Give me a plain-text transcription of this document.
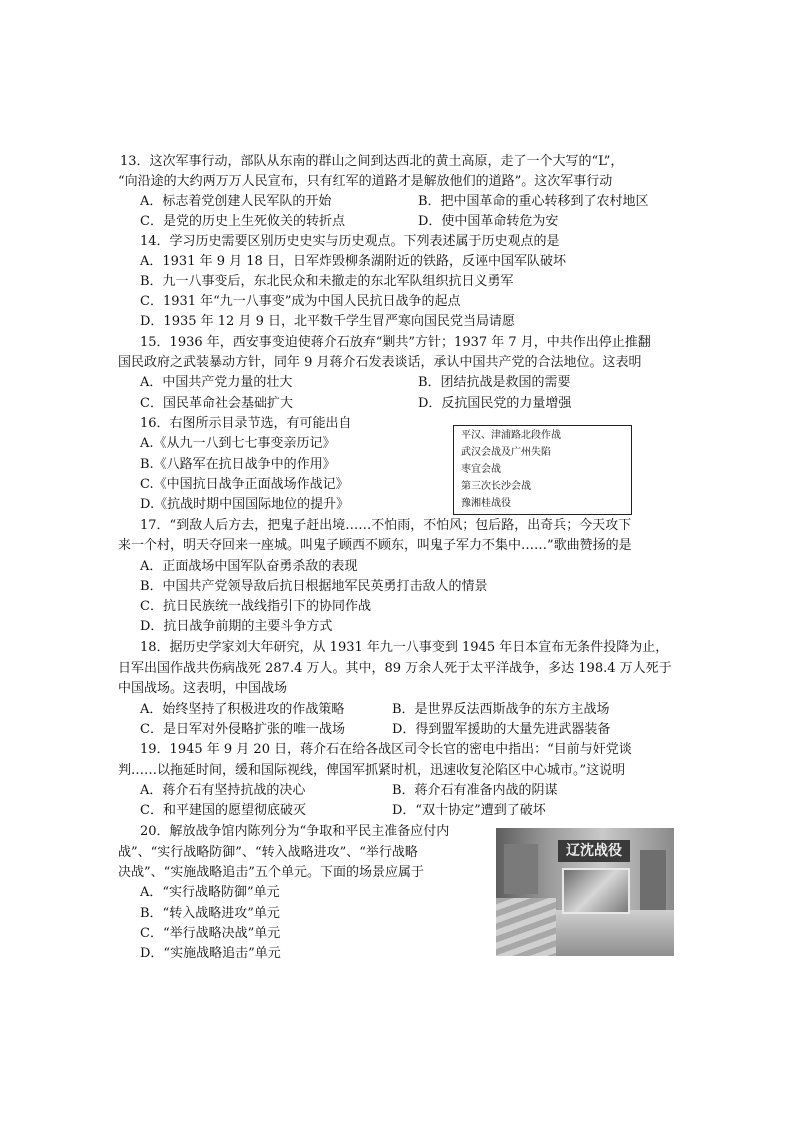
13．这次军事行动，部队从东南的群山之间到达西北的黄土高原，走了一个大写的“L”，
“向沿途的大约两万万人民宣布，只有红军的道路才是解放他们的道路”。这次军事行动
A．标志着党创建人民军队的开始	B．把中国革命的重心转移到了农村地区
C．是党的历史上生死攸关的转折点	D．使中国革命转危为安
14．学习历史需要区别历史史实与历史观点。下列表述属于历史观点的是
A．1931 年 9 月 18 日，日军炸毁柳条湖附近的铁路，反诬中国军队破坏
B．九一八事变后，东北民众和未撤走的东北军队组织抗日义勇军
C．1931 年“九一八事变”成为中国人民抗日战争的起点
D．1935 年 12 月 9 日，北平数千学生冒严寒向国民党当局请愿
15．1936 年，西安事变迫使蒋介石放弃“剿共”方针；1937 年 7 月，中共作出停止推翻
国民政府之武装暴动方针，同年 9 月蒋介石发表谈话，承认中国共产党的合法地位。这表明
A．中国共产党力量的壮大	B．团结抗战是救国的需要
C．国民革命社会基础扩大	D．反抗国民党的力量增强
16．右图所示目录节选，有可能出自
A.《从九一八到七七事变亲历记》
B.《八路军在抗日战争中的作用》
C.《中国抗日战争正面战场作战记》
D.《抗战时期中国国际地位的提升》
平汉、津浦路北段作战
武汉会战及广州失陷
枣宜会战
第三次长沙会战
豫湘桂战役
17．“到敌人后方去，把鬼子赶出境……不怕雨，不怕风；包后路，出奇兵；今天攻下
来一个村，明天夺回来一座城。叫鬼子顾西不顾东，叫鬼子军力不集中……”歌曲赞扬的是
A．正面战场中国军队奋勇杀敌的表现
B．中国共产党领导敌后抗日根据地军民英勇打击敌人的情景
C．抗日民族统一战线指引下的协同作战
D．抗日战争前期的主要斗争方式
18．据历史学家刘大年研究，从 1931 年九一八事变到 1945 年日本宣布无条件投降为止，
日军出国作战共伤病战死 287.4 万人。其中，89 万余人死于太平洋战争，多达 198.4 万人死于
中国战场。这表明，中国战场
A．始终坚持了积极进攻的作战策略	B．是世界反法西斯战争的东方主战场
C．是日军对外侵略扩张的唯一战场	D．得到盟军援助的大量先进武器装备
19．1945 年 9 月 20 日，蒋介石在给各战区司令长官的密电中指出：“目前与奸党谈
判……以拖延时间，缓和国际视线，俾国军抓紧时机，迅速收复沦陷区中心城市。”这说明
A．蒋介石有坚持抗战的决心	B．蒋介石有准备内战的阴谋
C．和平建国的愿望彻底破灭	D．“双十协定”遭到了破坏
20．解放战争馆内陈列分为“争取和平民主准备应付内
战”、“实行战略防御”、“转入战略进攻”、“举行战略
决战”、“实施战略追击”五个单元。下面的场景应属于
A．“实行战略防御”单元
B．“转入战略进攻”单元
C．“举行战略决战”单元
D．“实施战略追击”单元
辽沈战役
